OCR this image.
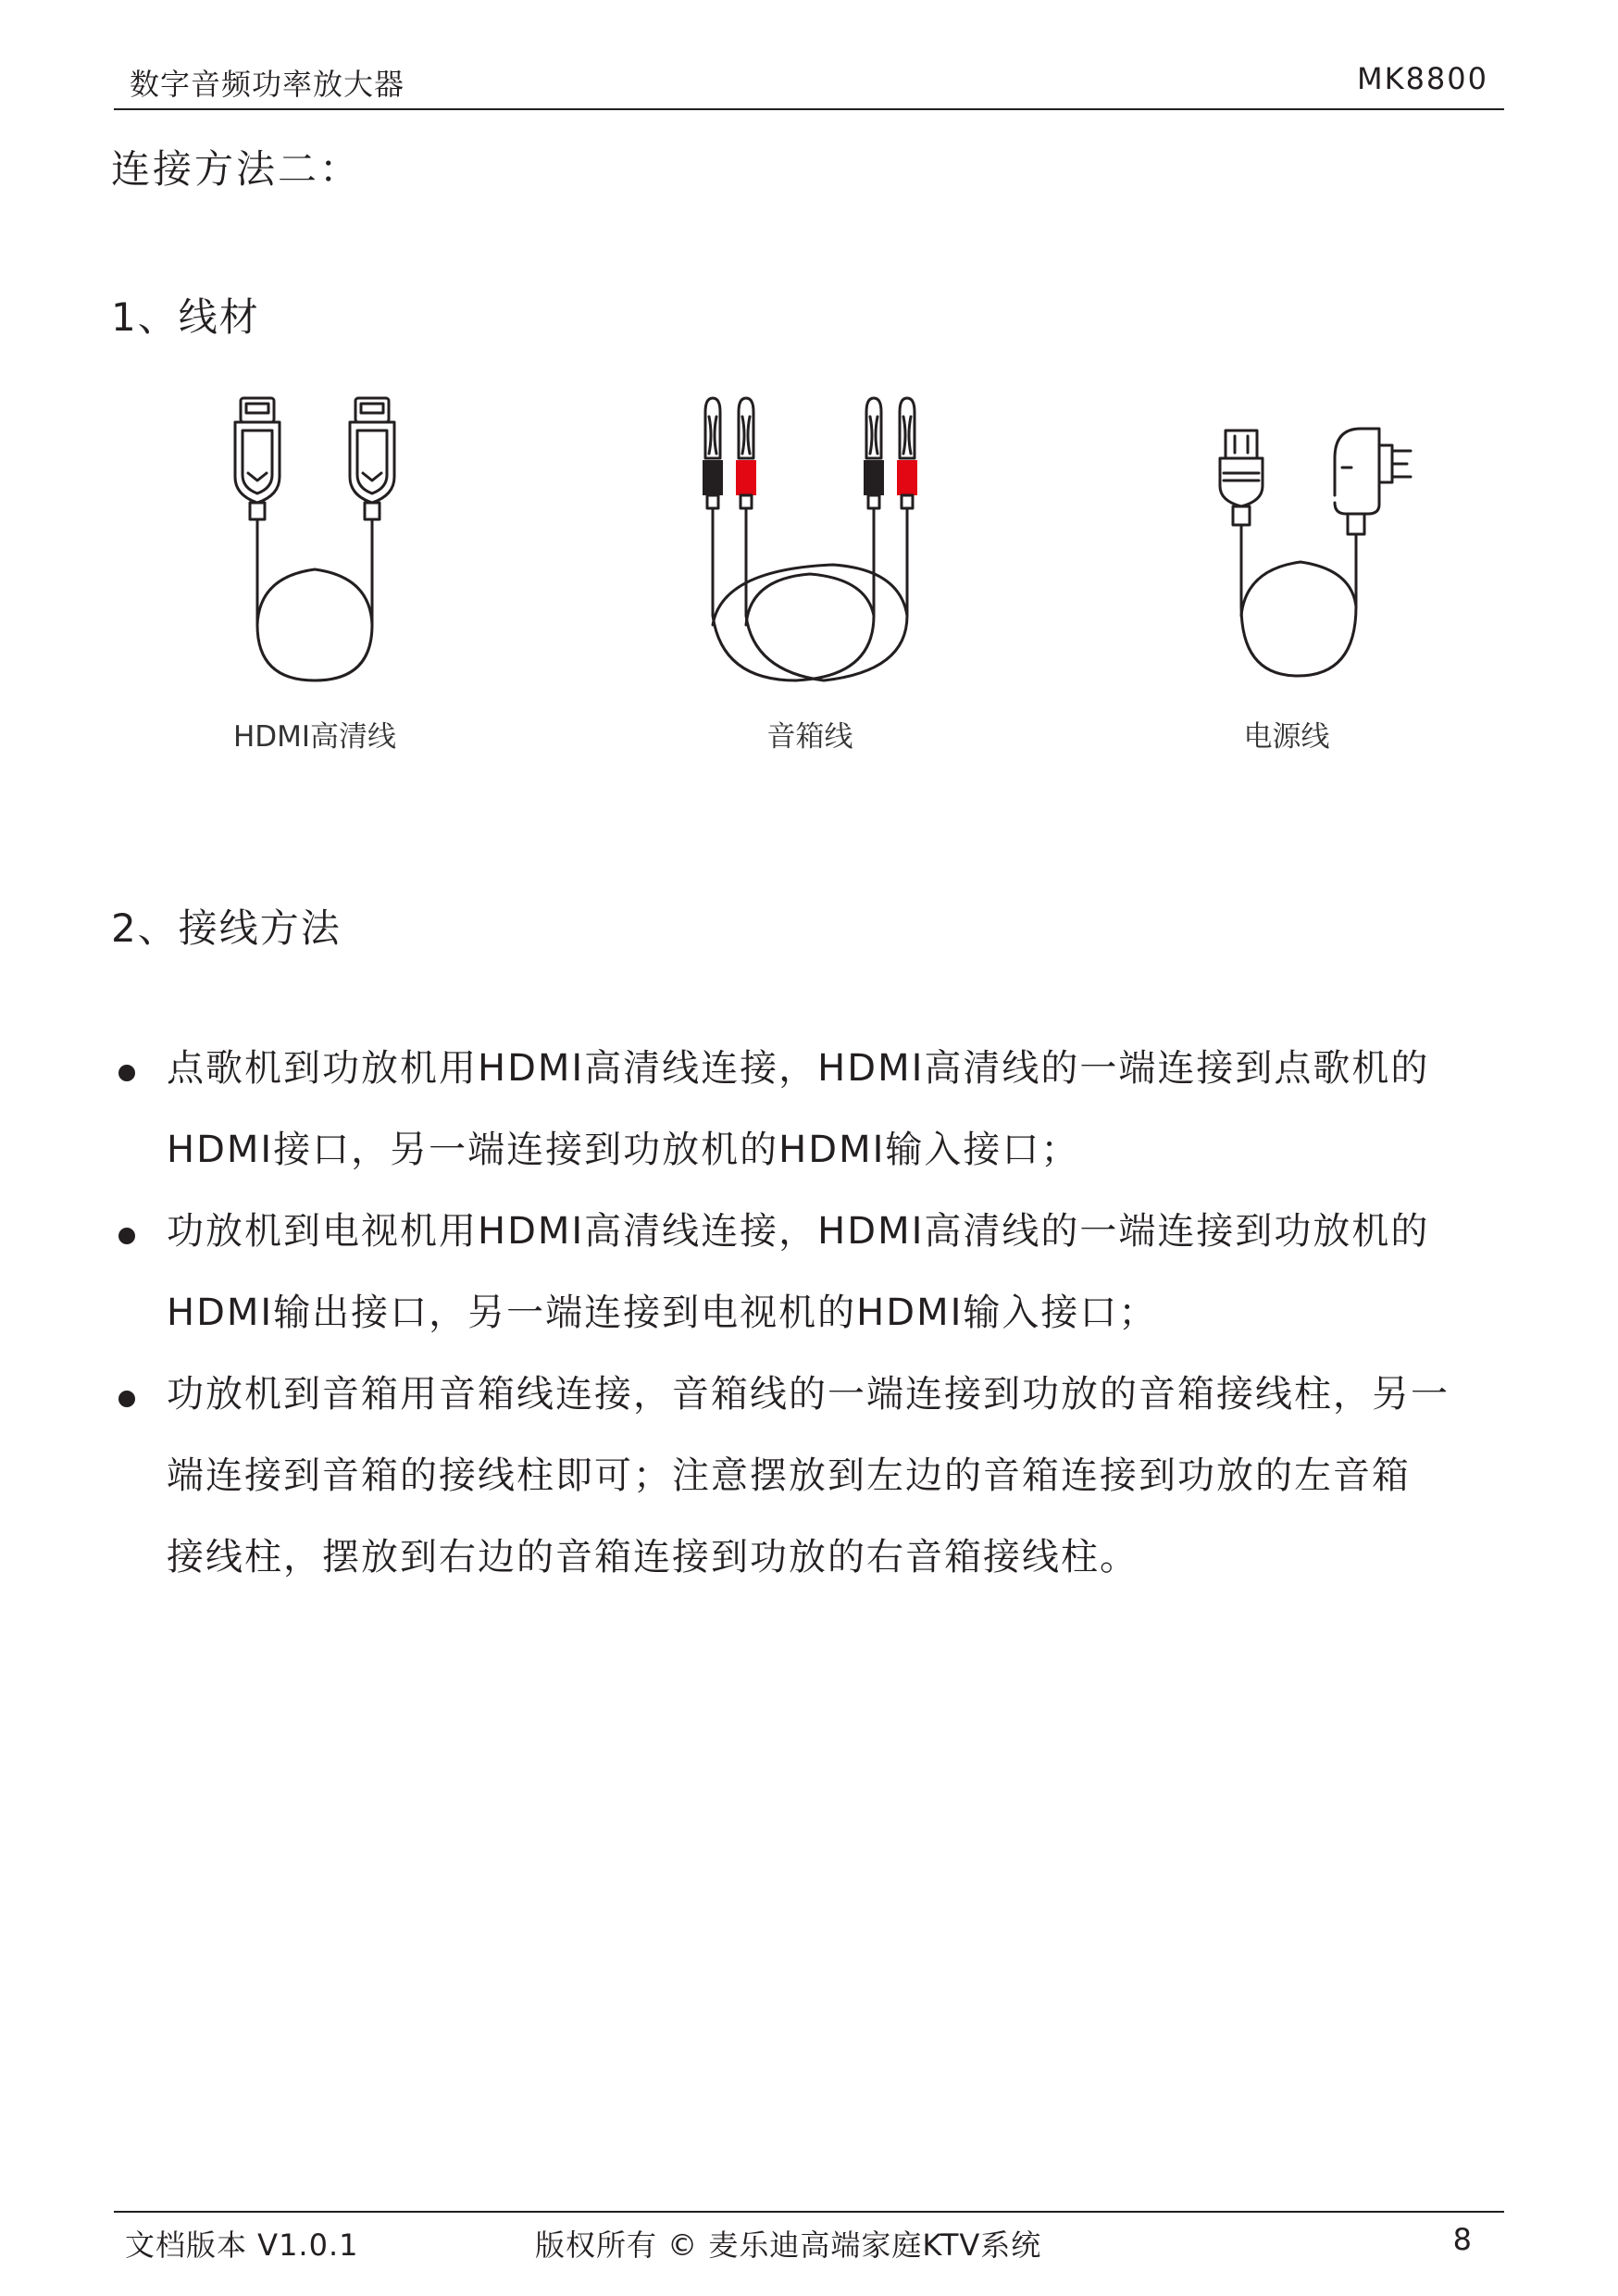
数字音频功率放大器	MK8800
连接方法二：
1、线材
HDMI高清线	音箱线	电源线
2、接线方法
点歌机到功放机用HDMI高清线连接，HDMI高清线的一端连接到点歌机的
HDMI接口，另一端连接到功放机的HDMI输入接口；
功放机到电视机用HDMI高清线连接，HDMI高清线的一端连接到功放机的
HDMI输出接口，另一端连接到电视机的HDMI输入接口；
功放机到音箱用音箱线连接，音箱线的一端连接到功放的音箱接线柱，另一
端连接到音箱的接线柱即可；注意摆放到左边的音箱连接到功放的左音箱
接线柱，摆放到右边的音箱连接到功放的右音箱接线柱。
文档版本 V1.0.1	版权所有 © 麦乐迪高端家庭KTV系统	8
